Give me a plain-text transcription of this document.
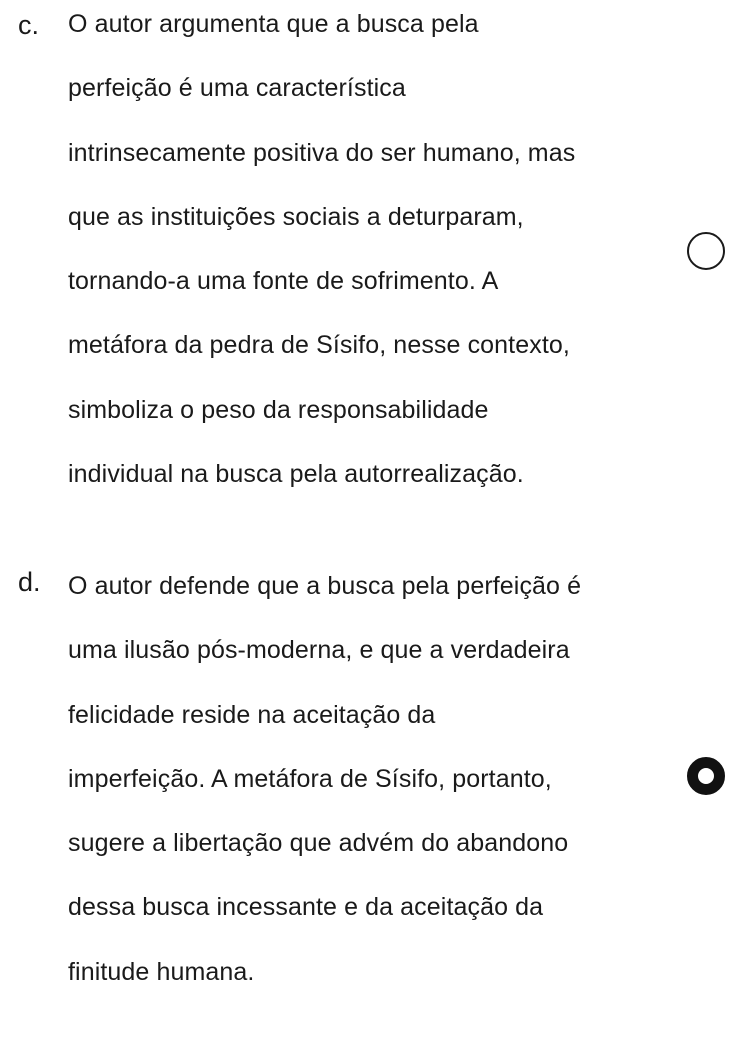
c. O autor argumenta que a busca pela
perfeição é uma característica
intrinsecamente positiva do ser humano, mas
que as instituições sociais a deturparam,
tornando-a uma fonte de sofrimento. A
metáfora da pedra de Sísifo, nesse contexto,
simboliza o peso da responsabilidade
individual na busca pela autorrealização.
d. O autor defende que a busca pela perfeição é
uma ilusão pós-moderna, e que a verdadeira
felicidade reside na aceitação da
imperfeição. A metáfora de Sísifo, portanto,
sugere a libertação que advém do abandono
dessa busca incessante e da aceitação da
finitude humana.
